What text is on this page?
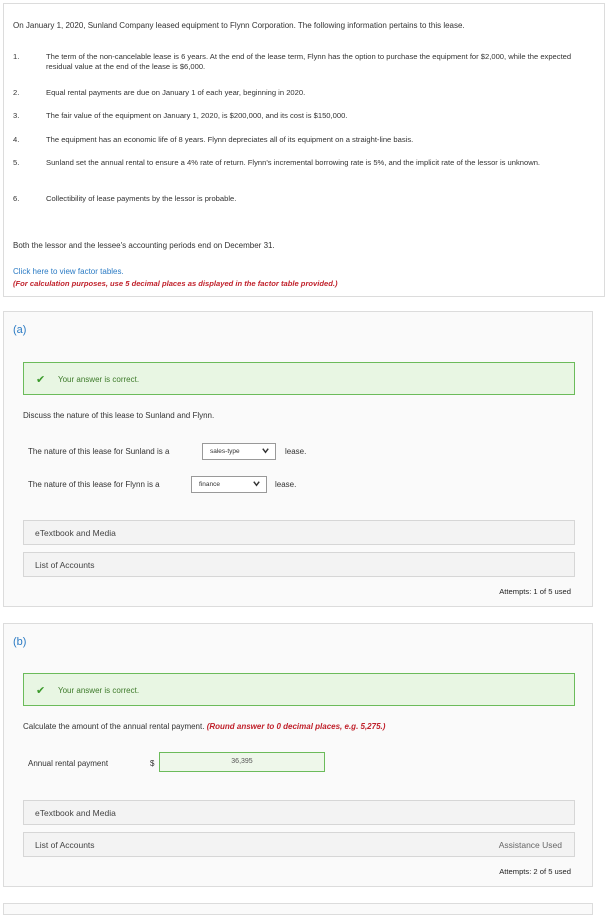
On January 1, 2020, Sunland Company leased equipment to Flynn Corporation. The following information pertains to this lease.
1.	The term of the non-cancelable lease is 6 years. At the end of the lease term, Flynn has the option to purchase the equipment for $2,000, while the expected residual value at the end of the lease is $6,000.
2.	Equal rental payments are due on January 1 of each year, beginning in 2020.
3.	The fair value of the equipment on January 1, 2020, is $200,000, and its cost is $150,000.
4.	The equipment has an economic life of 8 years. Flynn depreciates all of its equipment on a straight-line basis.
5.	Sunland set the annual rental to ensure a 4% rate of return. Flynn's incremental borrowing rate is 5%, and the implicit rate of the lessor is unknown.
6.	Collectibility of lease payments by the lessor is probable.
Both the lessor and the lessee's accounting periods end on December 31.
Click here to view factor tables.
(For calculation purposes, use 5 decimal places as displayed in the factor table provided.)
(a)
✔ Your answer is correct.
Discuss the nature of this lease to Sunland and Flynn.
The nature of this lease for Sunland is a	sales-type	lease.
The nature of this lease for Flynn is a	finance	lease.
eTextbook and Media
List of Accounts
Attempts: 1 of 5 used
(b)
✔ Your answer is correct.
Calculate the amount of the annual rental payment. (Round answer to 0 decimal places, e.g. 5,275.)
Annual rental payment	$	36,395
eTextbook and Media
List of Accounts	Assistance Used
Attempts: 2 of 5 used
